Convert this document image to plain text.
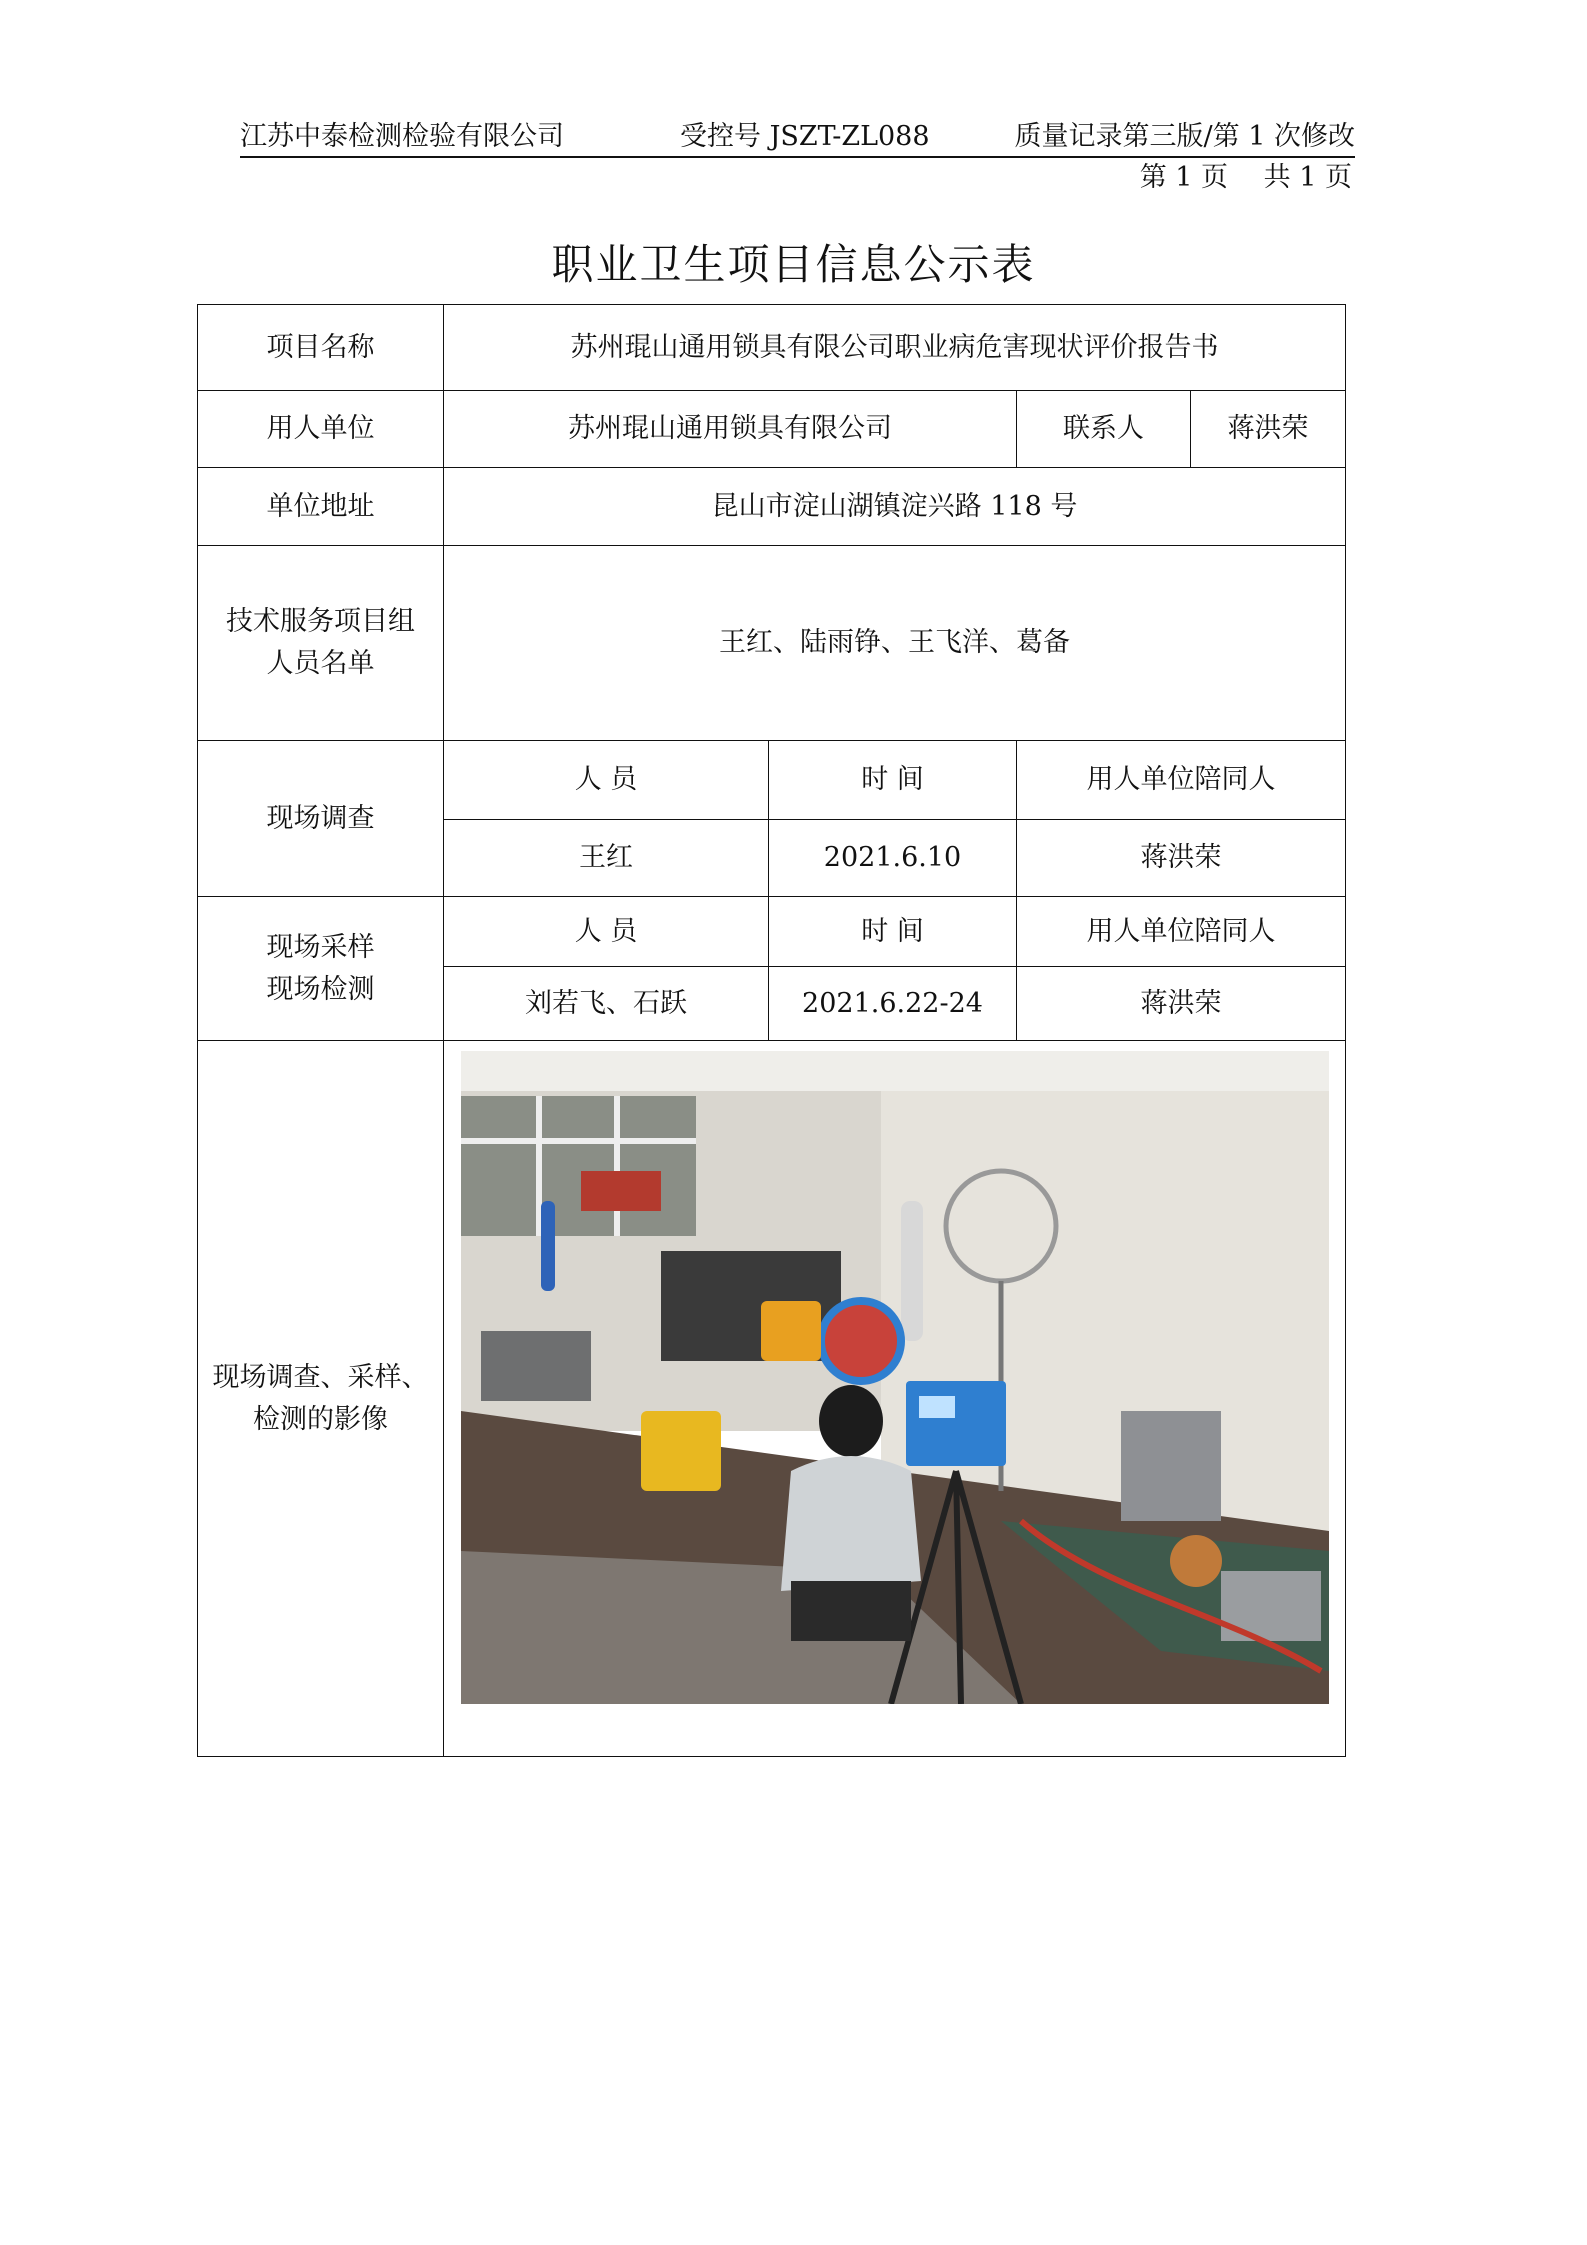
江苏中泰检测检验有限公司	受控号 JSZT-ZL088	质量记录第三版/第 1 次修改
第 1 页　 共 1 页
职业卫生项目信息公示表
项目名称	苏州琨山通用锁具有限公司职业病危害现状评价报告书			
用人单位	苏州琨山通用锁具有限公司		联系人	蒋洪荣
单位地址	昆山市淀山湖镇淀兴路 118 号			

技术服务项目组
人员名单	王红、陆雨铮、王飞洋、葛备			
现场调查	人 员	时 间	用人单位陪同人	
	王红	2021.6.10	蒋洪荣	

现场采样
现场检测	人 员	时 间	用人单位陪同人	
	刘若飞、石跃	2021.6.22-24	蒋洪荣	

现场调查、采样、
检测的影像
